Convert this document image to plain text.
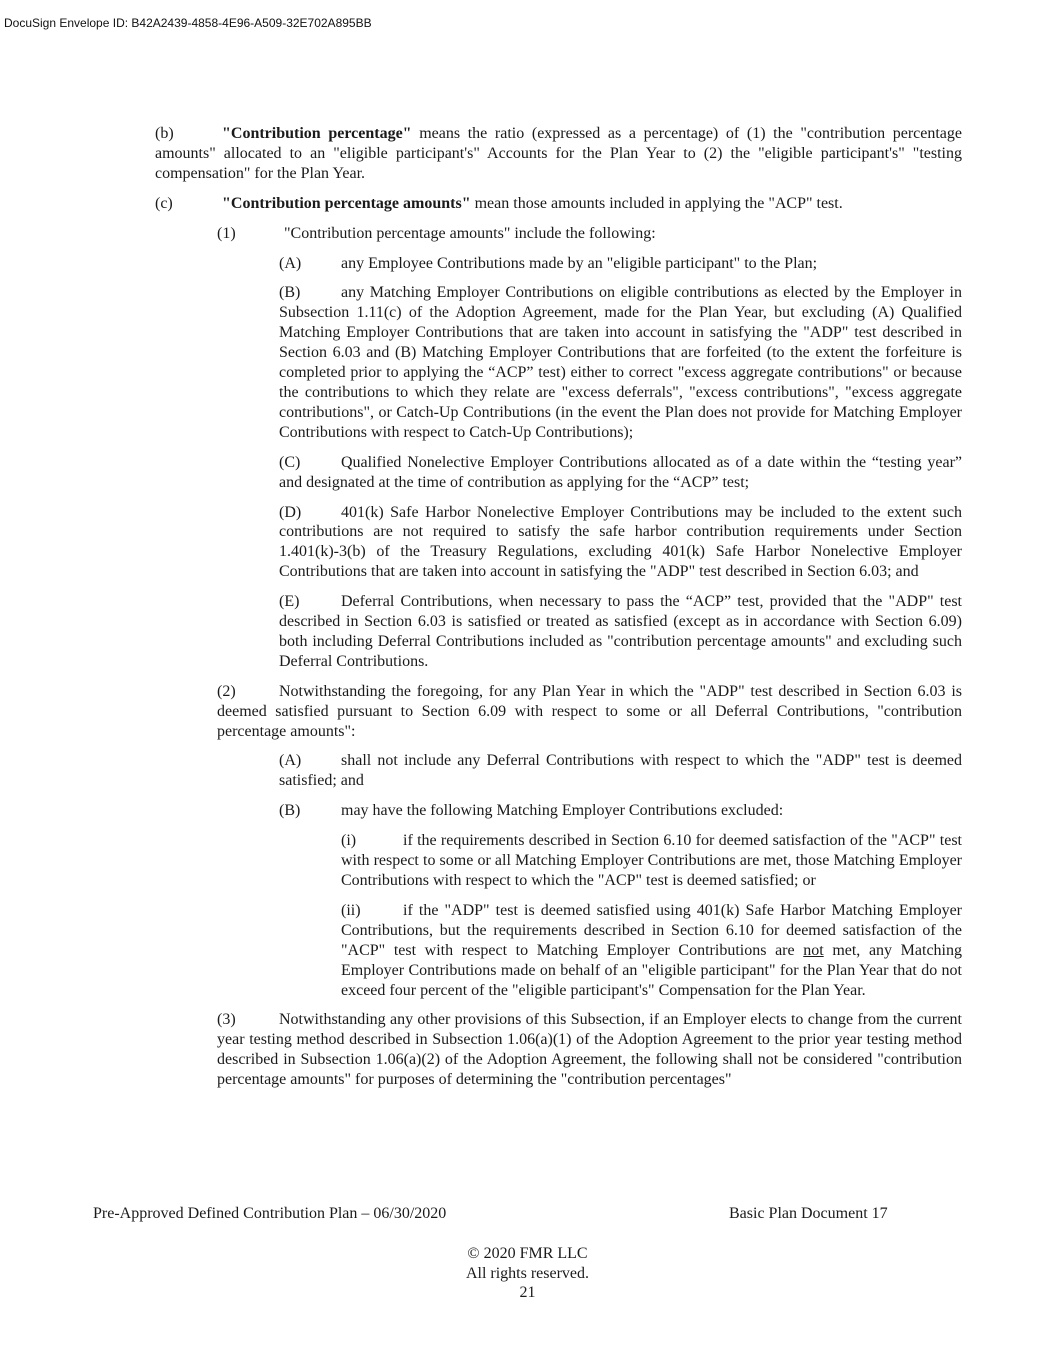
DocuSign Envelope ID: B42A2439-4858-4E96-A509-32E702A895BB

(b)	"Contribution percentage" means the ratio (expressed as a percentage) of (1) the "contribution percentage amounts" allocated to an "eligible participant's" Accounts for the Plan Year to (2) the "eligible participant's" "testing compensation" for the Plan Year.

(c)	"Contribution percentage amounts" mean those amounts included in applying the "ACP" test.

(1)	"Contribution percentage amounts" include the following:

(A) any Employee Contributions made by an "eligible participant" to the Plan;

(B)	any Matching Employer Contributions on eligible contributions as elected by the Employer in Subsection 1.11(c) of the Adoption Agreement, made for the Plan Year, but excluding (A) Qualified Matching Employer Contributions that are taken into account in satisfying the "ADP" test described in Section 6.03 and (B) Matching Employer Contributions that are forfeited (to the extent the forfeiture is completed prior to applying the “ACP” test) either to correct "excess aggregate contributions" or because the contributions to which they relate are "excess deferrals", "excess contributions", "excess aggregate contributions", or Catch-Up Contributions (in the event the Plan does not provide for Matching Employer Contributions with respect to Catch-Up Contributions);

(C)	Qualified Nonelective Employer Contributions allocated as of a date within the “testing year” and designated at the time of contribution as applying for the “ACP” test;

(D) 401(k) Safe Harbor Nonelective Employer Contributions may be included to the extent such contributions are not required to satisfy the safe harbor contribution requirements under Section 1.401(k)-3(b) of the Treasury Regulations, excluding 401(k) Safe Harbor Nonelective Employer Contributions that are taken into account in satisfying the "ADP" test described in Section 6.03; and

(E)	Deferral Contributions, when necessary to pass the “ACP” test, provided that the "ADP" test described in Section 6.03 is satisfied or treated as satisfied (except as in accordance with Section 6.09) both including Deferral Contributions included as "contribution percentage amounts" and excluding such Deferral Contributions.

(2)	Notwithstanding the foregoing, for any Plan Year in which the "ADP" test described in Section 6.03 is deemed satisfied pursuant to Section 6.09 with respect to some or all Deferral Contributions, "contribution percentage amounts":

(A) shall not include any Deferral Contributions with respect to which the "ADP" test is deemed satisfied; and

(B)	may have the following Matching Employer Contributions excluded:

(i)	if the requirements described in Section 6.10 for deemed satisfaction of the "ACP" test with respect to some or all Matching Employer Contributions are met, those Matching Employer Contributions with respect to which the "ACP" test is deemed satisfied; or

(ii)	if the "ADP" test is deemed satisfied using 401(k) Safe Harbor Matching Employer Contributions, but the requirements described in Section 6.10 for deemed satisfaction of the "ACP" test with respect to Matching Employer Contributions are not met, any Matching Employer Contributions made on behalf of an "eligible participant" for the Plan Year that do not exceed four percent of the "eligible participant's" Compensation for the Plan Year.

(3)	Notwithstanding any other provisions of this Subsection, if an Employer elects to change from the current year testing method described in Subsection 1.06(a)(1) of the Adoption Agreement to the prior year testing method described in Subsection 1.06(a)(2) of the Adoption Agreement, the following shall not be considered "contribution percentage amounts" for purposes of determining the "contribution percentages"

Pre-Approved Defined Contribution Plan – 06/30/2020	Basic Plan Document 17
© 2020 FMR LLC
All rights reserved.
21
